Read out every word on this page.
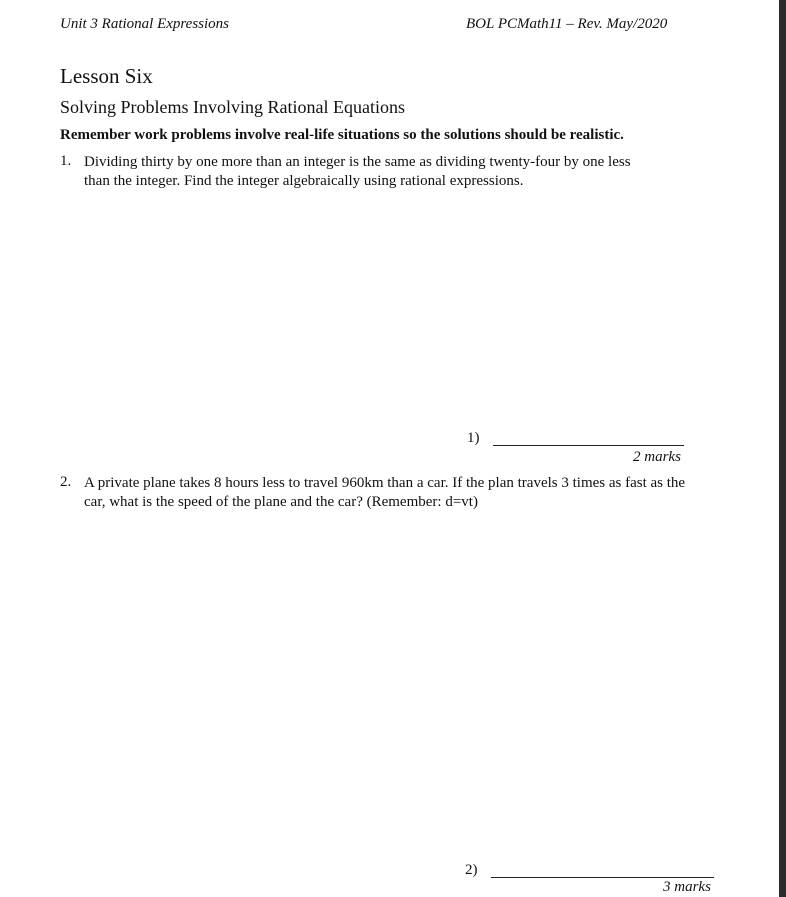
Unit 3 Rational Expressions	BOL PCMath11 – Rev. May/2020
Lesson Six
Solving Problems Involving Rational Equations
Remember work problems involve real-life situations so the solutions should be realistic.
1. Dividing thirty by one more than an integer is the same as dividing twenty-four by one less
than the integer. Find the integer algebraically using rational expressions.
1)
2 marks
2. A private plane takes 8 hours less to travel 960km than a car. If the plan travels 3 times as fast as the
car, what is the speed of the plane and the car? (Remember: d=vt)
2)
3 marks
